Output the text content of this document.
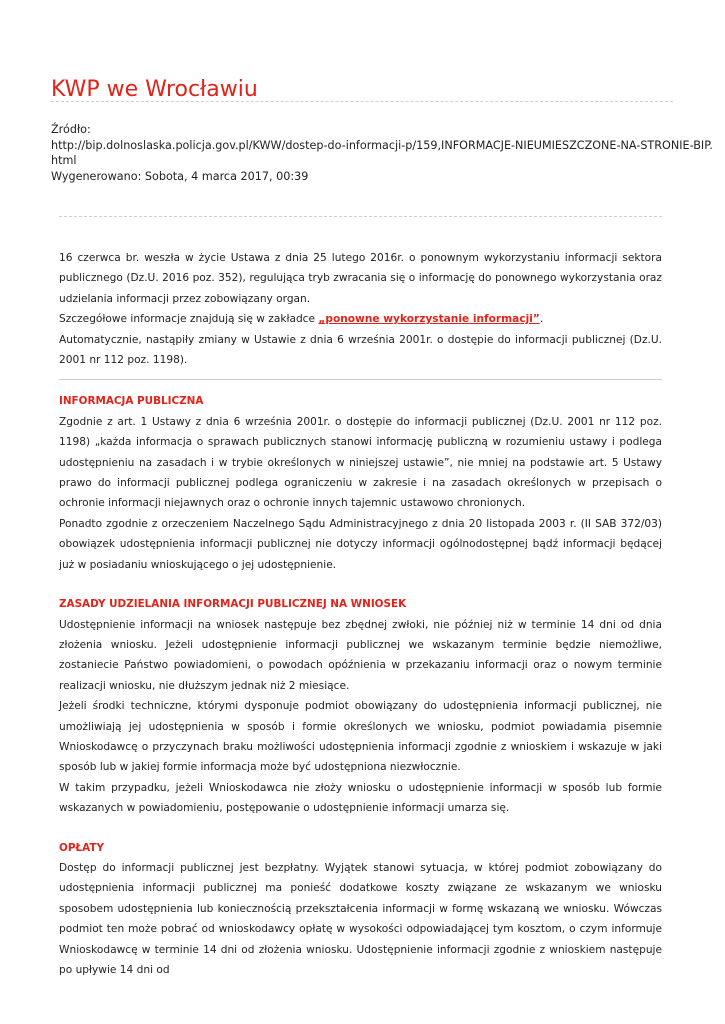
KWP we Wrocławiu
Źródło:
http://bip.dolnoslaska.policja.gov.pl/KWW/dostep-do-informacji-p/159,INFORMACJE-NIEUMIESZCZONE-NA-STRONIE-BIP.
html
Wygenerowano: Sobota, 4 marca 2017, 00:39

16 czerwca br. weszła w życie Ustawa z dnia 25 lutego 2016r. o ponownym wykorzystaniu informacji sektora publicznego (Dz.U. 2016 poz. 352), regulująca tryb zwracania się o informację do ponownego wykorzystania oraz udzielania informacji przez zobowiązany organ.

Szczegółowe informacje znajdują się w zakładce „ponowne wykorzystanie informacji”.

Automatycznie, nastąpiły zmiany w Ustawie z dnia 6 września 2001r. o dostępie do informacji publicznej (Dz.U. 2001 nr 112 poz. 1198).

INFORMACJA PUBLICZNA

Zgodnie z art. 1 Ustawy z dnia 6 września 2001r. o dostępie do informacji publicznej (Dz.U. 2001 nr 112 poz. 1198) „każda informacja o sprawach publicznych stanowi informację publiczną w rozumieniu ustawy i podlega udostępnieniu na zasadach i w trybie określonych w niniejszej ustawie”, nie mniej na podstawie art. 5 Ustawy prawo do informacji publicznej podlega ograniczeniu w zakresie i na zasadach określonych w przepisach o ochronie informacji niejawnych oraz o ochronie innych tajemnic ustawowo chronionych.

Ponadto zgodnie z orzeczeniem Naczelnego Sądu Administracyjnego z dnia 20 listopada 2003 r. (II SAB 372/03) obowiązek udostępnienia informacji publicznej nie dotyczy informacji ogólnodostępnej bądź informacji będącej już w posiadaniu wnioskującego o jej udostępnienie.

ZASADY UDZIELANIA INFORMACJI PUBLICZNEJ NA WNIOSEK

Udostępnienie informacji na wniosek następuje bez zbędnej zwłoki, nie później niż w terminie 14 dni od dnia złożenia wniosku. Jeżeli udostępnienie informacji publicznej we wskazanym terminie będzie niemożliwe, zostaniecie Państwo powiadomieni, o powodach opóźnienia w przekazaniu informacji oraz o nowym terminie realizacji wniosku, nie dłuższym jednak niż 2 miesiące.

Jeżeli środki techniczne, którymi dysponuje podmiot obowiązany do udostępnienia informacji publicznej, nie umożliwiają jej udostępnienia w sposób i formie określonych we wniosku, podmiot powiadamia pisemnie Wnioskodawcę o przyczynach braku możliwości udostępnienia informacji zgodnie z wnioskiem i wskazuje w jaki sposób lub w jakiej formie informacja może być udostępniona niezwłocznie.

W takim przypadku, jeżeli Wnioskodawca nie złoży wniosku o udostępnienie informacji w sposób lub formie wskazanych w powiadomieniu, postępowanie o udostępnienie informacji umarza się.

OPŁATY

Dostęp do informacji publicznej jest bezpłatny. Wyjątek stanowi sytuacja, w której podmiot zobowiązany do udostępnienia informacji publicznej ma ponieść dodatkowe koszty związane ze wskazanym we wniosku sposobem udostępnienia lub koniecznością przekształcenia informacji w formę wskazaną we wniosku. Wówczas podmiot ten może pobrać od wnioskodawcy opłatę w wysokości odpowiadającej tym kosztom, o czym informuje Wnioskodawcę w terminie 14 dni od złożenia wniosku. Udostępnienie informacji zgodnie z wnioskiem następuje po upływie 14 dni od
